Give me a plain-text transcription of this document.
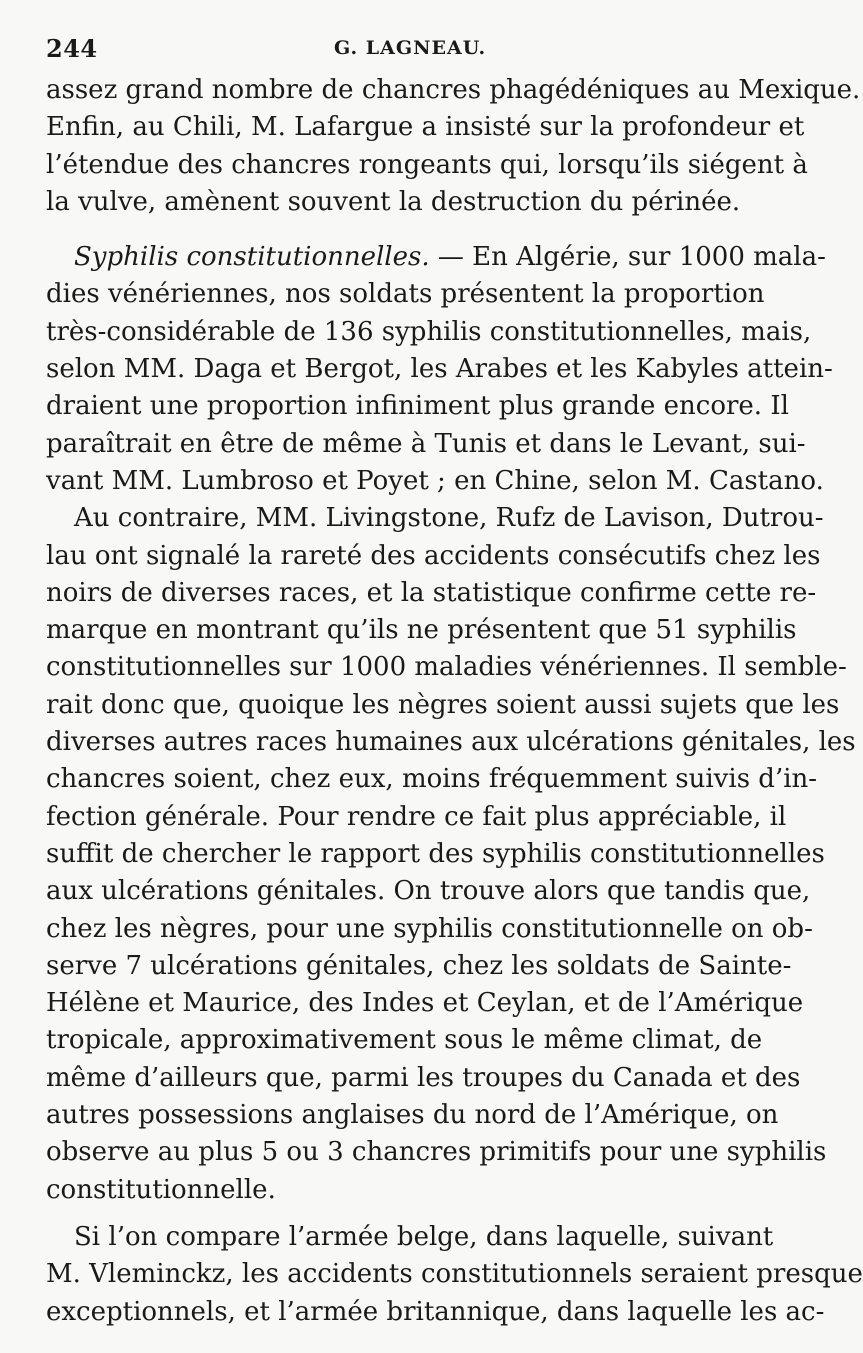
244	G. LAGNEAU.
assez grand nombre de chancres phagédéniques au Mexique.
Enfin, au Chili, M. Lafargue a insisté sur la profondeur et
l’étendue des chancres rongeants qui, lorsqu’ils siégent à
la vulve, amènent souvent la destruction du périnée.
Syphilis constitutionnelles. — En Algérie, sur 1000 mala-
dies vénériennes, nos soldats présentent la proportion
très-considérable de 136 syphilis constitutionnelles, mais,
selon MM. Daga et Bergot, les Arabes et les Kabyles attein-
draient une proportion infiniment plus grande encore. Il
paraîtrait en être de même à Tunis et dans le Levant, sui-
vant MM. Lumbroso et Poyet ; en Chine, selon M. Castano.
Au contraire, MM. Livingstone, Rufz de Lavison, Dutrou-
lau ont signalé la rareté des accidents consécutifs chez les
noirs de diverses races, et la statistique confirme cette re-
marque en montrant qu’ils ne présentent que 51 syphilis
constitutionnelles sur 1000 maladies vénériennes. Il semble-
rait donc que, quoique les nègres soient aussi sujets que les
diverses autres races humaines aux ulcérations génitales, les
chancres soient, chez eux, moins fréquemment suivis d’in-
fection générale. Pour rendre ce fait plus appréciable, il
suffit de chercher le rapport des syphilis constitutionnelles
aux ulcérations génitales. On trouve alors que tandis que,
chez les nègres, pour une syphilis constitutionnelle on ob-
serve 7 ulcérations génitales, chez les soldats de Sainte-
Hélène et Maurice, des Indes et Ceylan, et de l’Amérique
tropicale, approximativement sous le même climat, de
même d’ailleurs que, parmi les troupes du Canada et des
autres possessions anglaises du nord de l’Amérique, on
observe au plus 5 ou 3 chancres primitifs pour une syphilis
constitutionnelle.
Si l’on compare l’armée belge, dans laquelle, suivant
M. Vleminckz, les accidents constitutionnels seraient presque
exceptionnels, et l’armée britannique, dans laquelle les ac-
